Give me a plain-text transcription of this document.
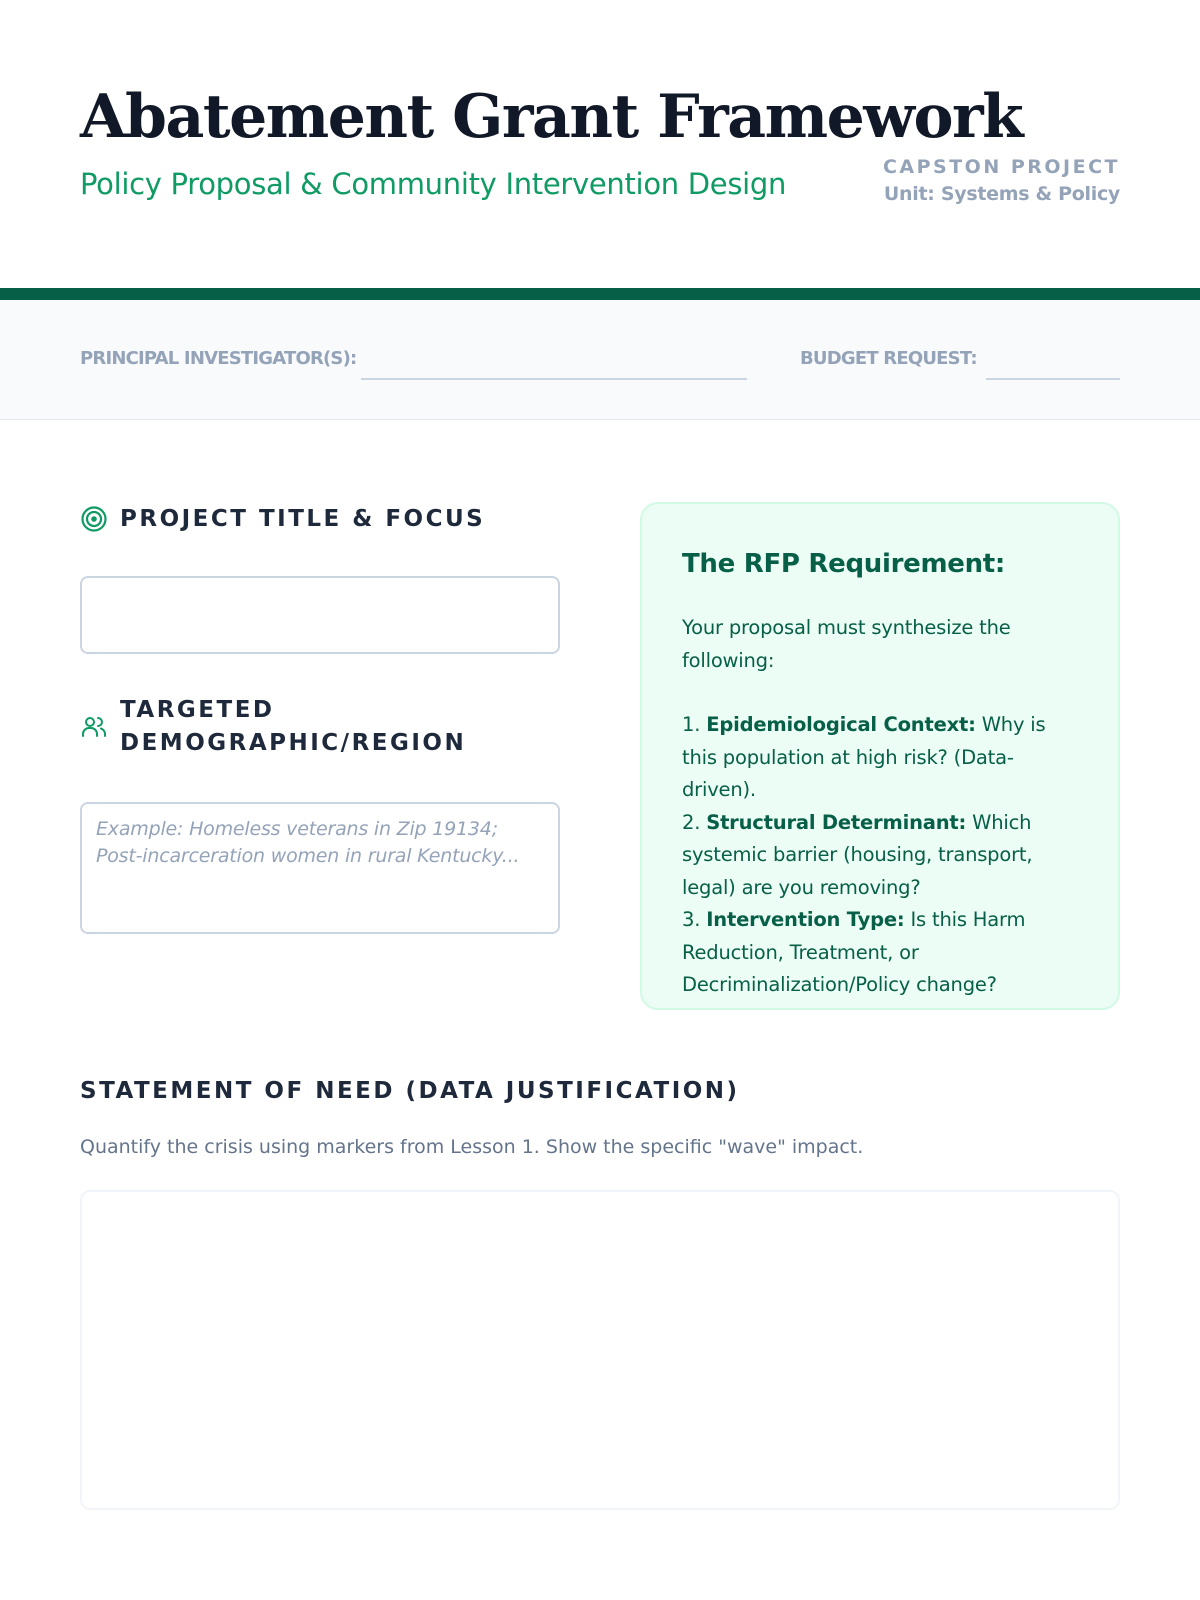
Abatement Grant Framework
Policy Proposal & Community Intervention Design	CAPSTON PROJECT
Unit: Systems & Policy
PRINCIPAL INVESTIGATOR(S):	BUDGET REQUEST:
PROJECT TITLE & FOCUS
TARGETED
DEMOGRAPHIC/REGION
Example: Homeless veterans in Zip 19134; Post-incarceration women in rural Kentucky...
The RFP Requirement:

Your proposal must synthesize the following:

1. Epidemiological Context: Why is this population at high risk? (Data-driven).

2. Structural Determinant: Which systemic barrier (housing, transport, legal) are you removing?

3. Intervention Type: Is this Harm Reduction, Treatment, or Decriminalization/Policy change?

STATEMENT OF NEED (DATA JUSTIFICATION)
Quantify the crisis using markers from Lesson 1. Show the specific "wave" impact.
